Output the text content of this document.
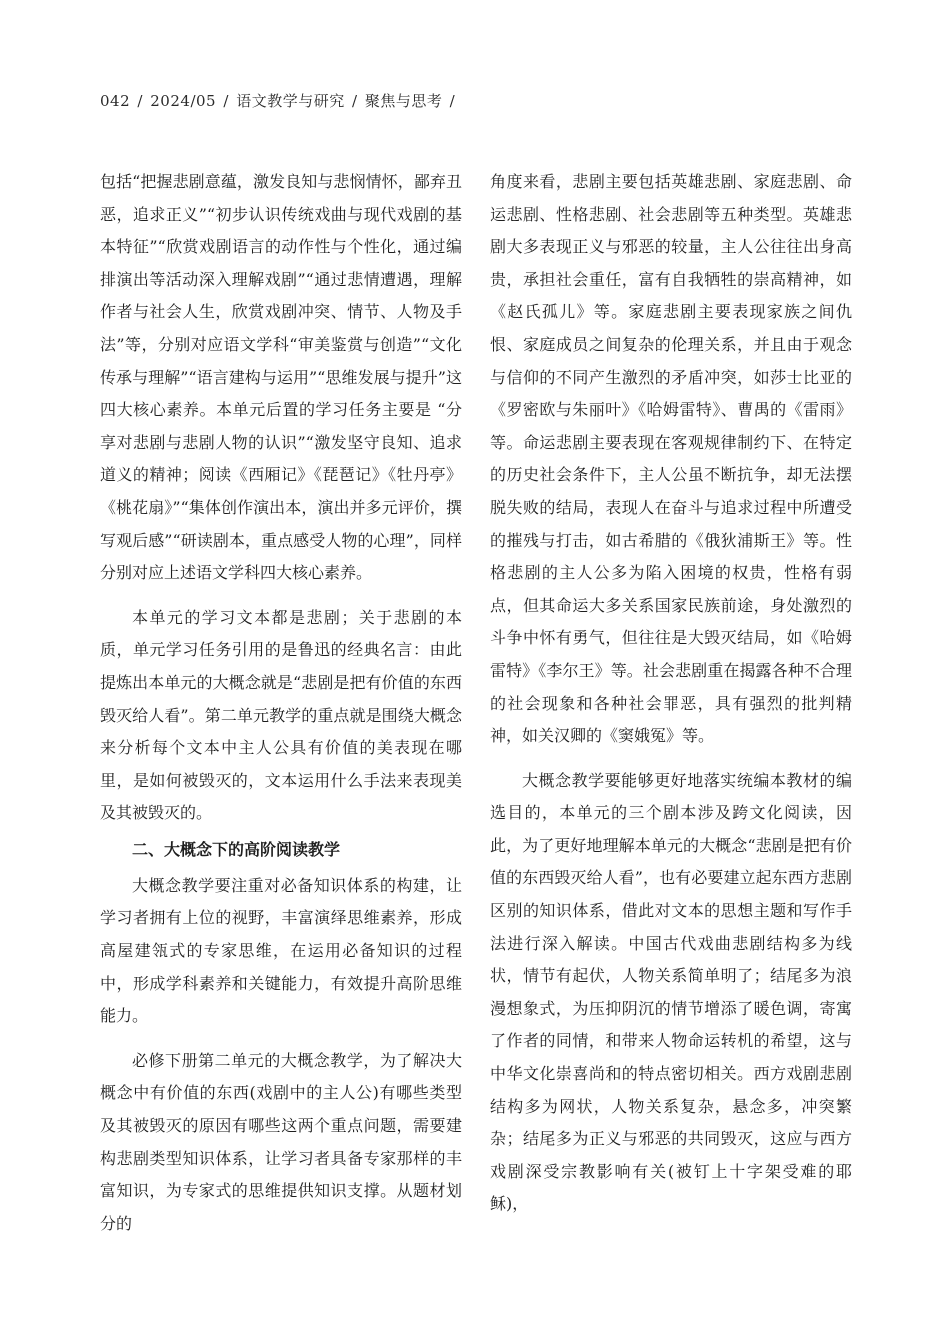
042 / 2024/05 / 语文教学与研究 / 聚焦与思考 /

包括“把握悲剧意蕴，激发良知与悲悯情怀，鄙弃丑恶，追求正义”“初步认识传统戏曲与现代戏剧的基本特征”“欣赏戏剧语言的动作性与个性化，通过编排演出等活动深入理解戏剧”“通过悲情遭遇，理解作者与社会人生，欣赏戏剧冲突、情节、人物及手法”等，分别对应语文学科“审美鉴赏与创造”“文化传承与理解”“语言建构与运用”“思维发展与提升”这四大核心素养。本单元后置的学习任务主要是 “分享对悲剧与悲剧人物的认识”“激发坚守良知、追求道义的精神；阅读《西厢记》《琵琶记》《牡丹亭》《桃花扇》”“集体创作演出本，演出并多元评价，撰写观后感”“研读剧本，重点感受人物的心理”，同样分别对应上述语文学科四大核心素养。

本单元的学习文本都是悲剧；关于悲剧的本质，单元学习任务引用的是鲁迅的经典名言：由此提炼出本单元的大概念就是“悲剧是把有价值的东西毁灭给人看”。第二单元教学的重点就是围绕大概念来分析每个文本中主人公具有价值的美表现在哪里，是如何被毁灭的，文本运用什么手法来表现美及其被毁灭的。

二、大概念下的高阶阅读教学

大概念教学要注重对必备知识体系的构建，让学习者拥有上位的视野，丰富演绎思维素养，形成高屋建瓴式的专家思维，在运用必备知识的过程中，形成学科素养和关键能力，有效提升高阶思维能力。

必修下册第二单元的大概念教学，为了解决大概念中有价值的东西(戏剧中的主人公)有哪些类型及其被毁灭的原因有哪些这两个重点问题，需要建构悲剧类型知识体系，让学习者具备专家那样的丰富知识，为专家式的思维提供知识支撑。从题材划分的

角度来看，悲剧主要包括英雄悲剧、家庭悲剧、命运悲剧、性格悲剧、社会悲剧等五种类型。英雄悲剧大多表现正义与邪恶的较量，主人公往往出身高贵，承担社会重任，富有自我牺牲的崇高精神，如《赵氏孤儿》等。家庭悲剧主要表现家族之间仇恨、家庭成员之间复杂的伦理关系，并且由于观念与信仰的不同产生激烈的矛盾冲突，如莎士比亚的《罗密欧与朱丽叶》《哈姆雷特》、曹禺的《雷雨》等。命运悲剧主要表现在客观规律制约下、在特定的历史社会条件下，主人公虽不断抗争，却无法摆脱失败的结局，表现人在奋斗与追求过程中所遭受的摧残与打击，如古希腊的《俄狄浦斯王》等。性格悲剧的主人公多为陷入困境的权贵，性格有弱点，但其命运大多关系国家民族前途，身处激烈的斗争中怀有勇气，但往往是大毁灭结局，如《哈姆雷特》《李尔王》等。社会悲剧重在揭露各种不合理的社会现象和各种社会罪恶，具有强烈的批判精神，如关汉卿的《窦娥冤》等。

大概念教学要能够更好地落实统编本教材的编选目的，本单元的三个剧本涉及跨文化阅读，因此，为了更好地理解本单元的大概念“悲剧是把有价值的东西毁灭给人看”，也有必要建立起东西方悲剧区别的知识体系，借此对文本的思想主题和写作手法进行深入解读。中国古代戏曲悲剧结构多为线状，情节有起伏，人物关系简单明了；结尾多为浪漫想象式，为压抑阴沉的情节增添了暖色调，寄寓了作者的同情，和带来人物命运转机的希望，这与中华文化崇喜尚和的特点密切相关。西方戏剧悲剧结构多为网状，人物关系复杂，悬念多，冲突繁杂；结尾多为正义与邪恶的共同毁灭，这应与西方戏剧深受宗教影响有关(被钉上十字架受难的耶稣)，
